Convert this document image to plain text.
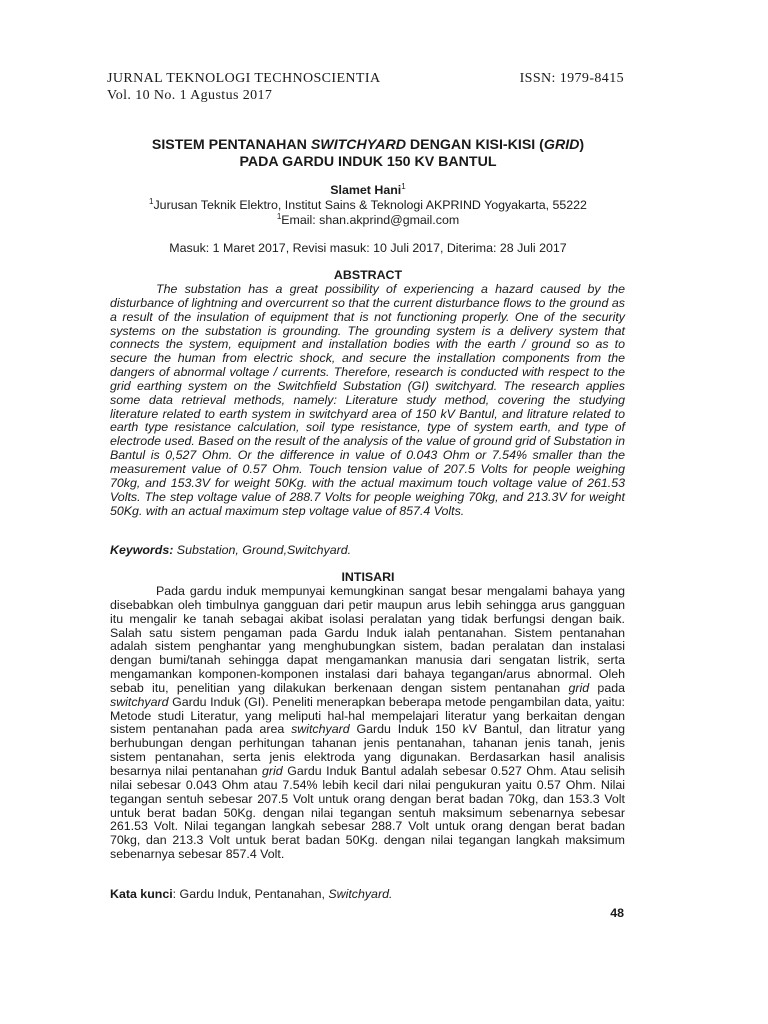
JURNAL TEKNOLOGI TECHNOSCIENTIA	ISSN: 1979-8415
Vol. 10 No. 1 Agustus 2017
SISTEM PENTANAHAN SWITCHYARD DENGAN KISI-KISI (GRID)
PADA GARDU INDUK 150 KV BANTUL
Slamet Hani$^1$
$^1$Jurusan Teknik Elektro, Institut Sains & Teknologi AKPRIND Yogyakarta, 55222
$^1$Email: shan.akprind@gmail.com
Masuk: 1 Maret 2017, Revisi masuk: 10 Juli 2017, Diterima: 28 Juli 2017
ABSTRACT

The substation has a great possibility of experiencing a hazard caused by the disturbance of lightning and overcurrent so that the current disturbance flows to the ground as a result of the insulation of equipment that is not functioning properly. One of the security systems on the substation is grounding. The grounding system is a delivery system that connects the system, equipment and installation bodies with the earth / ground so as to secure the human from electric shock, and secure the installation components from the dangers of abnormal voltage / currents. Therefore, research is conducted with respect to the grid earthing system on the Switchfield Substation (GI) switchyard. The research applies some data retrieval methods, namely: Literature study method, covering the studying literature related to earth system in switchyard area of 150 kV Bantul, and litrature related to earth type resistance calculation, soil type resistance, type of system earth, and type of electrode used. Based on the result of the analysis of the value of ground grid of Substation in Bantul is 0,527 Ohm. Or the difference in value of 0.043 Ohm or 7.54% smaller than the measurement value of 0.57 Ohm. Touch tension value of 207.5 Volts for people weighing 70kg, and 153.3V for weight 50Kg. with the actual maximum touch voltage value of 261.53 Volts. The step voltage value of 288.7 Volts for people weighing 70kg, and 213.3V for weight 50Kg. with an actual maximum step voltage value of 857.4 Volts.

Keywords: Substation, Ground,Switchyard.
INTISARI

Pada gardu induk mempunyai kemungkinan sangat besar mengalami bahaya yang disebabkan oleh timbulnya gangguan dari petir maupun arus lebih sehingga arus gangguan itu mengalir ke tanah sebagai akibat isolasi peralatan yang tidak berfungsi dengan baik. Salah satu sistem pengaman pada Gardu Induk ialah pentanahan. Sistem pentanahan adalah sistem penghantar yang menghubungkan sistem, badan peralatan dan instalasi dengan bumi/tanah sehingga dapat mengamankan manusia dari sengatan listrik, serta mengamankan komponen-komponen instalasi dari bahaya tegangan/arus abnormal. Oleh sebab itu, penelitian yang dilakukan berkenaan dengan sistem pentanahan grid pada switchyard Gardu Induk (GI). Peneliti menerapkan beberapa metode pengambilan data, yaitu: Metode studi Literatur, yang meliputi hal-hal mempelajari literatur yang berkaitan dengan sistem pentanahan pada area switchyard Gardu Induk 150 kV Bantul, dan litratur yang berhubungan dengan perhitungan tahanan jenis pentanahan, tahanan jenis tanah, jenis sistem pentanahan, serta jenis elektroda yang digunakan. Berdasarkan hasil analisis besarnya nilai pentanahan grid Gardu Induk Bantul adalah sebesar 0.527 Ohm. Atau selisih nilai sebesar 0.043 Ohm atau 7.54% lebih kecil dari nilai pengukuran yaitu 0.57 Ohm. Nilai tegangan sentuh sebesar 207.5 Volt untuk orang dengan berat badan 70kg, dan 153.3 Volt untuk berat badan 50Kg. dengan nilai tegangan sentuh maksimum sebenarnya sebesar 261.53 Volt. Nilai tegangan langkah sebesar 288.7 Volt untuk orang dengan berat badan 70kg, dan 213.3 Volt untuk berat badan 50Kg. dengan nilai tegangan langkah maksimum sebenarnya sebesar 857.4 Volt.

Kata kunci: Gardu Induk, Pentanahan, Switchyard.
48
